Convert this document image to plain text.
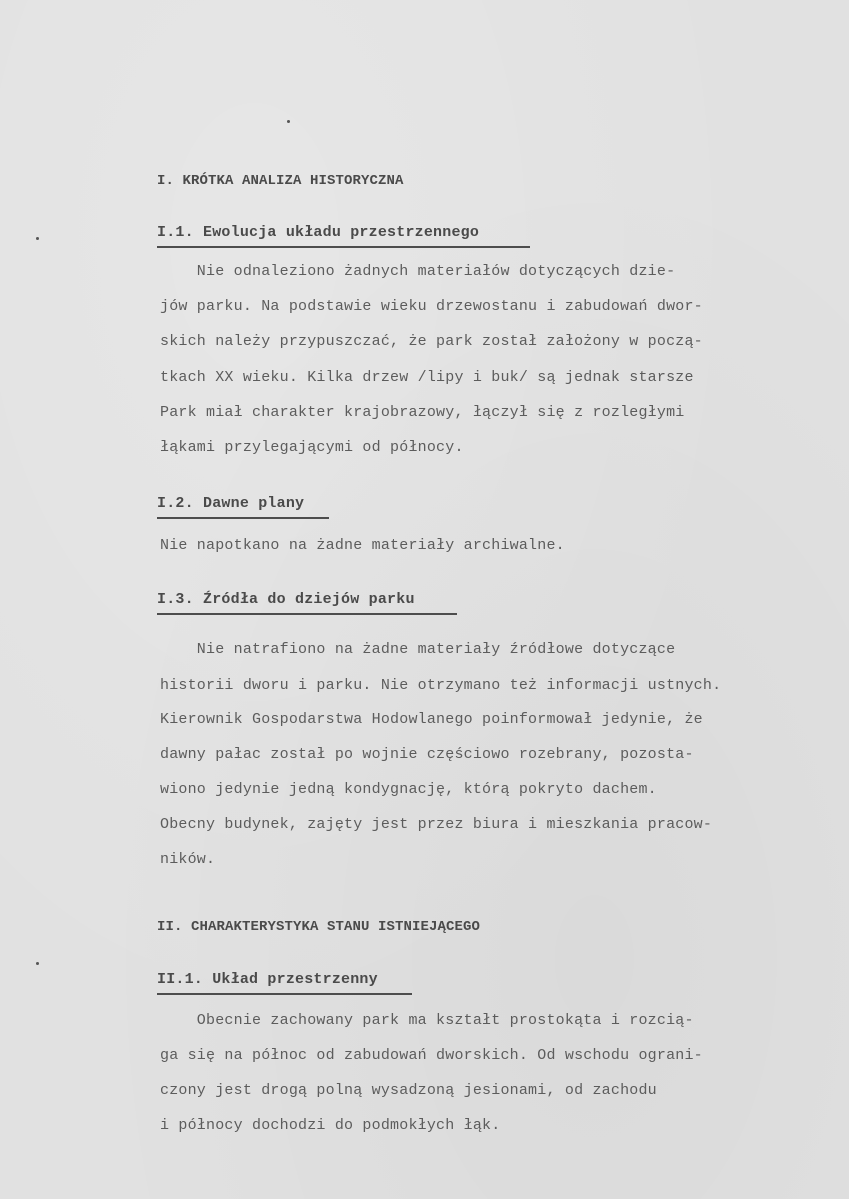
I. KRÓTKA ANALIZA HISTORYCZNA
I.1. Ewolucja układu przestrzennego
Nie odnaleziono żadnych materiałów dotyczących dzie-
jów parku. Na podstawie wieku drzewostanu i zabudowań dwor-
skich należy przypuszczać, że park został założony w począ-
tkach XX wieku. Kilka drzew /lipy i buk/ są jednak starsze
Park miał charakter krajobrazowy, łączył się z rozległymi
łąkami przylegającymi od północy.
I.2. Dawne plany
Nie napotkano na żadne materiały archiwalne.
I.3. Źródła do dziejów parku
Nie natrafiono na żadne materiały źródłowe dotyczące
historii dworu i parku. Nie otrzymano też informacji ustnych.
Kierownik Gospodarstwa Hodowlanego poinformował jedynie, że
dawny pałac został po wojnie częściowo rozebrany, pozosta-
wiono jedynie jedną kondygnację, którą pokryto dachem.
Obecny budynek, zajęty jest przez biura i mieszkania pracow-
ników.
II. CHARAKTERYSTYKA STANU ISTNIEJĄCEGO
II.1. Układ przestrzenny
Obecnie zachowany park ma kształt prostokąta i rozcią-
ga się na północ od zabudowań dworskich. Od wschodu ograni-
czony jest drogą polną wysadzoną jesionami, od zachodu
i północy dochodzi do podmokłych łąk.
